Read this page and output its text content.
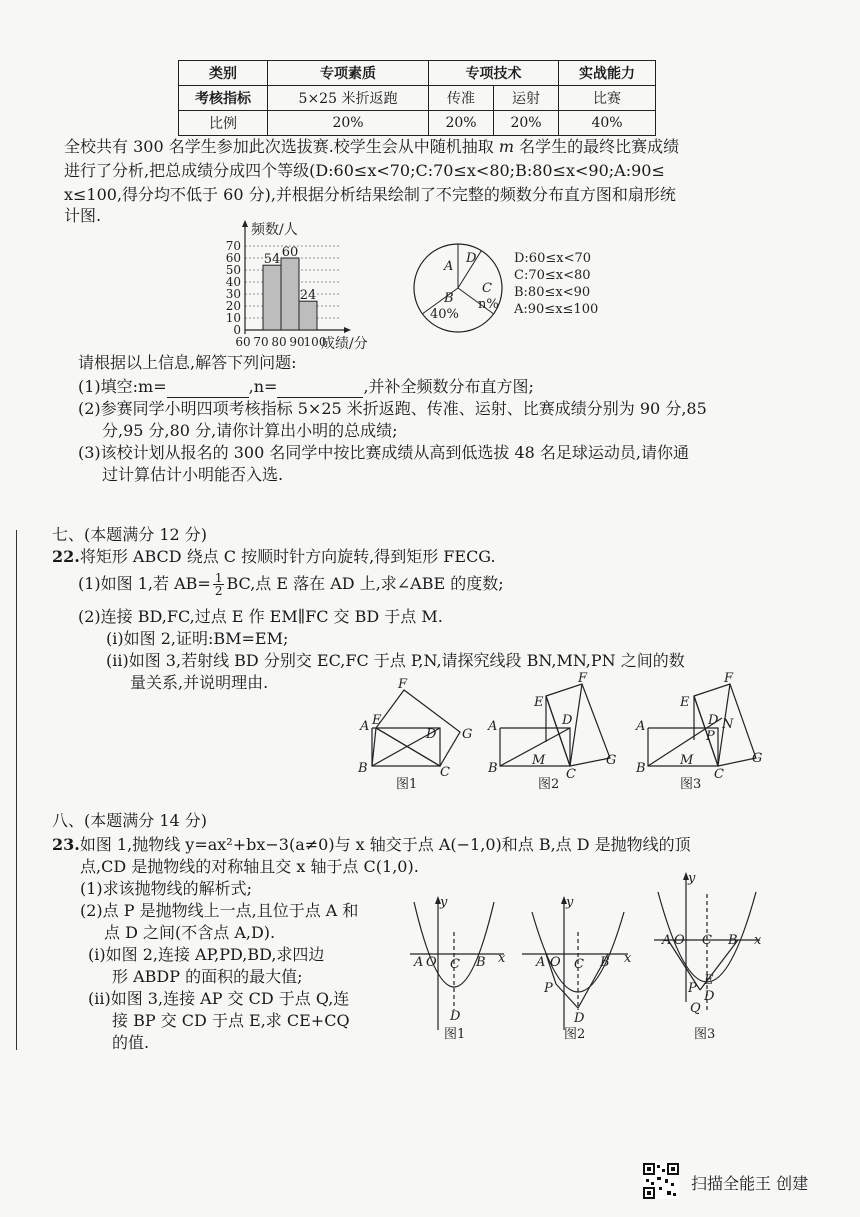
类别	专项素质	专项技术		实战能力
考核指标	5×25 米折返跑	传准	运射	比赛
比例	20%	20%	20%	40%
全校共有 300 名学生参加此次选拔赛.校学生会从中随机抽取 m 名学生的最终比赛成绩
进行了分析,把总成绩分成四个等级(D:60≤x<70;C:70≤x<80;B:80≤x<90;A:90≤
x≤100,得分均不低于 60 分),并根据分析结果绘制了不完整的频数分布直方图和扇形统
计图.
0
10
20
30
40
50
60
70
54 60
24
60 70 80 90
100
频数/人
成绩/分
A
D
C
n%
B
40%
D:60≤x<70
C:70≤x<80
B:80≤x<90
A:90≤x≤100
请根据以上信息,解答下列问题:
(1)填空:m=	,n=	,并补全频数分布直方图;
(2)参赛同学小明四项考核指标 5×25 米折返跑、传准、运射、比赛成绩分别为 90 分,85
分,95 分,80 分,请你计算出小明的总成绩;
(3)该校计划从报名的 300 名同学中按比赛成绩从高到低选拔 48 名足球运动员,请你通
过计算估计小明能否入选.
七、(本题满分 12 分)
22.将矩形 ABCD 绕点 C 按顺时针方向旋转,得到矩形 FECG.
(1)如图 1,若 $AB= \frac{1}{2}$ BC,点 E 落在 AD 上,求∠ABE 的度数;
(2)连接 BD,FC,过点 E 作 EM∥FC 交 BD 于点 M.
(i)如图 2,证明:BM=EM;
(ii)如图 3,若射线 BD 分别交 EC,FC 于点 P,N,请探究线段 BN,MN,PN 之间的数
量关系,并说明理由.
A E
F
D G
B	C
A
E
F
D
M	G
B	C
A
E
F
D N
P
M	G
B	C
图1	图2	图3
八、(本题满分 14 分)
23.如图 1,抛物线 y=ax²+bx−3(a≠0)与 x 轴交于点 A(−1,0)和点 B,点 D 是抛物线的顶
点,CD 是抛物线的对称轴且交 x 轴于点 C(1,0).
(1)求该抛物线的解析式;
(2)点 P 是抛物线上一点,且位于点 A 和
点 D 之间(不含点 A,D).
(i)如图 2,连接 AP,PD,BD,求四边
形 ABDP 的面积的最大值;
(ii)如图 3,连接 AP 交 CD 于点 Q,连
接 BP 交 CD 于点 E,求 CE+CQ
的值.
y
x
A O C B
D
y
x
A O C B
P
D
y
x
A O C B
E
P
D
Q
图1	图2	图3
扫描全能王 创建
